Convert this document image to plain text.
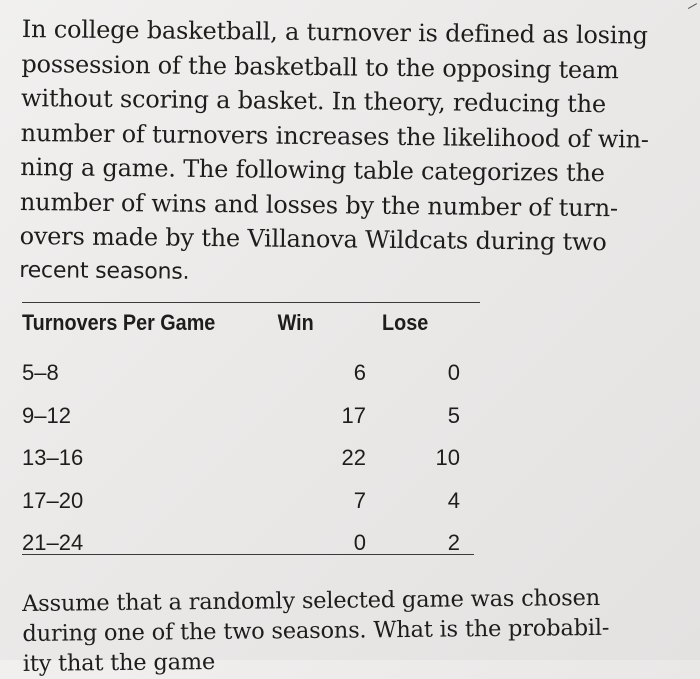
In college basketball, a turnover is defined as losing
possession of the basketball to the opposing team
without scoring a basket. In theory, reducing the
number of turnovers increases the likelihood of win-
ning a game. The following table categorizes the
number of wins and losses by the number of turn-
overs made by the Villanova Wildcats during two
recent seasons.

Turnovers Per Game	Win	Lose
5–8	6	0
9–12	17	5
13–16	22	10
17–20	7	4
21–24	0	2

Assume that a randomly selected game was chosen
during one of the two seasons. What is the probabil-
ity that the game
